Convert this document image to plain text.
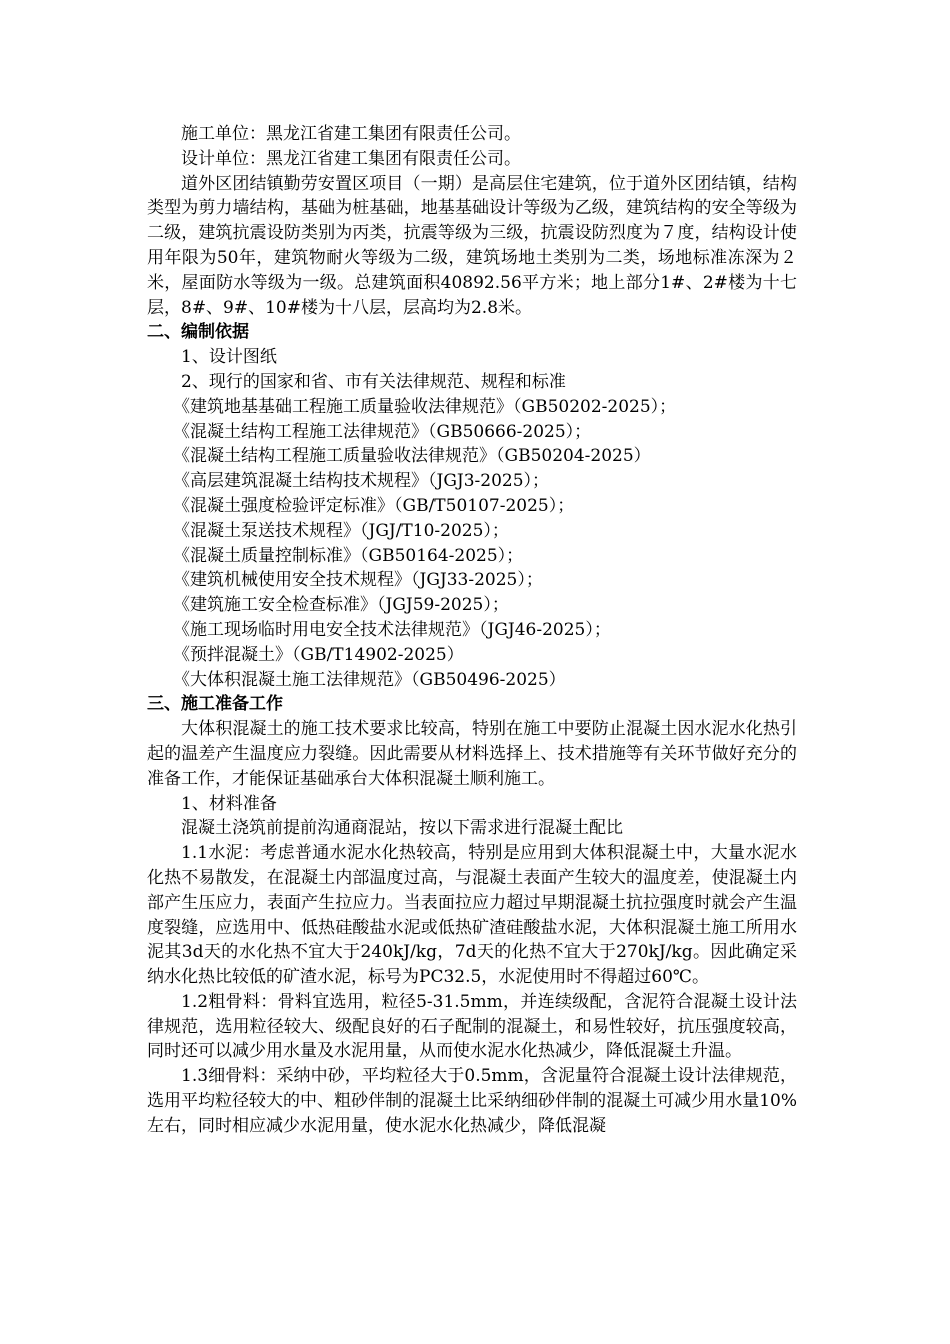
施工单位：黑龙江省建工集团有限责任公司。

设计单位：黑龙江省建工集团有限责任公司。

道外区团结镇勤劳安置区项目（一期）是高层住宅建筑，位于道外区团结镇，结构类型为剪力墙结构，基础为桩基础，地基基础设计等级为乙级，建筑结构的安全等级为二级，建筑抗震设防类别为丙类，抗震等级为三级，抗震设防烈度为７度，结构设计使用年限为50年，建筑物耐火等级为二级，建筑场地土类别为二类，场地标准冻深为２米，屋面防水等级为一级。总建筑面积40892.56平方米；地上部分1#、2#楼为十七层，8#、9#、10#楼为十八层，层高均为2.8米。

二、编制依据

1、设计图纸

2、现行的国家和省、市有关法律规范、规程和标准

《建筑地基基础工程施工质量验收法律规范》（GB50202-2025）；

《混凝土结构工程施工法律规范》（GB50666-2025）；

《混凝土结构工程施工质量验收法律规范》（GB50204-2025）

《高层建筑混凝土结构技术规程》（JGJ3-2025）；

《混凝土强度检验评定标准》（GB/T50107-2025）；

《混凝土泵送技术规程》（JGJ/T10-2025）；

《混凝土质量控制标准》（GB50164-2025）；

《建筑机械使用安全技术规程》（JGJ33-2025）；

《建筑施工安全检查标准》（JGJ59-2025）；

《施工现场临时用电安全技术法律规范》（JGJ46-2025）；

《预拌混凝土》（GB/T14902-2025）

《大体积混凝土施工法律规范》（GB50496-2025）

三、施工准备工作

大体积混凝土的施工技术要求比较高，特别在施工中要防止混凝土因水泥水化热引起的温差产生温度应力裂缝。因此需要从材料选择上、技术措施等有关环节做好充分的准备工作，才能保证基础承台大体积混凝土顺利施工。

1、材料准备

混凝土浇筑前提前沟通商混站，按以下需求进行混凝土配比

1.1水泥：考虑普通水泥水化热较高，特别是应用到大体积混凝土中，大量水泥水化热不易散发，在混凝土内部温度过高，与混凝土表面产生较大的温度差，使混凝土内部产生压应力，表面产生拉应力。当表面拉应力超过早期混凝土抗拉强度时就会产生温度裂缝，应选用中、低热硅酸盐水泥或低热矿渣硅酸盐水泥，大体积混凝土施工所用水泥其3d天的水化热不宜大于240kJ/kg，7d天的化热不宜大于270kJ/kg。因此确定采纳水化热比较低的矿渣水泥，标号为PC32.5，水泥使用时不得超过60℃。

1.2粗骨料：骨料宜选用，粒径5-31.5mm，并连续级配，含泥符合混凝土设计法律规范，选用粒径较大、级配良好的石子配制的混凝土，和易性较好，抗压强度较高，同时还可以减少用水量及水泥用量，从而使水泥水化热减少，降低混凝土升温。

1.3细骨料：采纳中砂，平均粒径大于0.5mm，含泥量符合混凝土设计法律规范，选用平均粒径较大的中、粗砂伴制的混凝土比采纳细砂伴制的混凝土可减少用水量10%左右，同时相应减少水泥用量，使水泥水化热减少，降低混凝
